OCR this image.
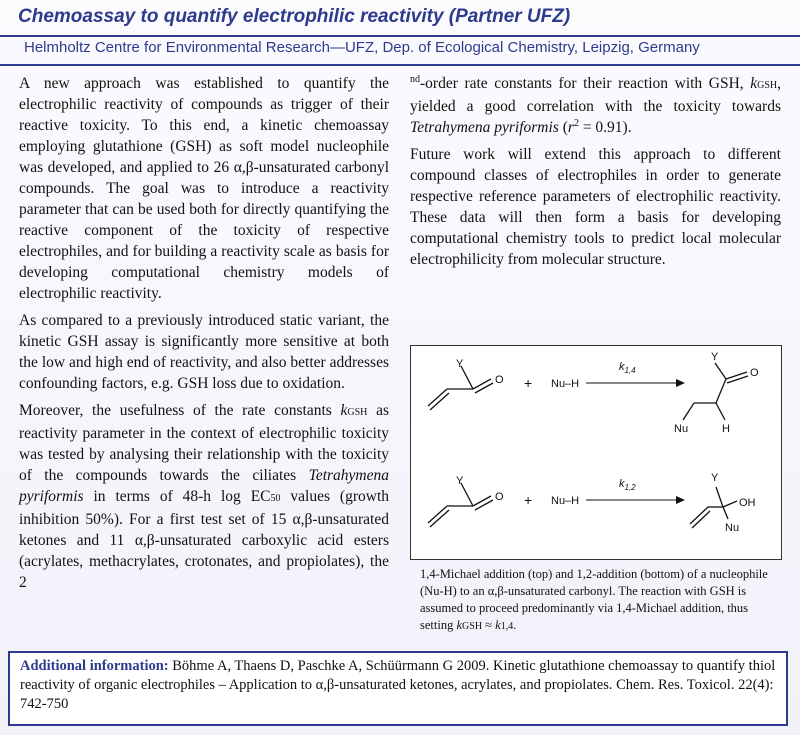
Chemoassay to quantify electrophilic reactivity (Partner UFZ)
Helmholtz Centre for Environmental Research—UFZ, Dep. of Ecological Chemistry, Leipzig, Germany

A new approach was established to quantify the electrophilic reactivity of compounds as trigger of their reactive toxicity. To this end, a kinetic chemoassay employing glutathione (GSH) as soft model nucleophile was developed, and applied to 26 α,β-unsaturated carbonyl compounds. The goal was to introduce a reactivity parameter that can be used both for directly quantifying the reactive component of the toxicity of respective electrophiles, and for building a reactivity scale as basis for developing computational chemistry models of electrophilic reactivity.

As compared to a previously introduced static variant, the kinetic GSH assay is significantly more sensitive at both the low and high end of reactivity, and also better addresses confounding factors, e.g. GSH loss due to oxidation.

Moreover, the usefulness of the rate constants kGSH as reactivity parameter in the context of electrophilic toxicity was tested by analysing their relationship with the toxicity of the compounds towards the ciliates Tetrahymena pyriformis in terms of 48-h log EC50 values (growth inhibition 50%). For a first test set of 15 α,β-unsaturated ketones and 11 α,β-unsaturated carboxylic acid esters (acrylates, methacrylates, crotonates, and propiolates), the 2

$^{nd}$-order rate constants for their reaction with GSH, kGSH, yielded a good correlation with the toxicity towards Tetrahymena pyriformis $(r^2 = 0.91)$.

Future work will extend this approach to different compound classes of electrophiles in order to generate respective reference parameters of electrophilic reactivity. These data will then form a basis for developing computational chemistry tools to predict local molecular electrophilicity from molecular structure.

Y
O + Nu–H
$k_{1,4}$
Y
O
Nu	H
Y
O + Nu–H
$k_{1,2}$
Y
OH
Nu
1,4-Michael addition (top) and 1,2-addition (bottom) of a nucleophile (Nu-H) to an α,β-unsaturated carbonyl. The reaction with GSH is assumed to proceed predominantly via 1,4-Michael addition, thus setting kGSH ≈ k1,4.
Additional information: Böhme A, Thaens D, Paschke A, Schüürmann G 2009. Kinetic glutathione chemoassay to quantify thiol reactivity of organic electrophiles – Application to α,β-unsaturated ketones, acrylates, and propiolates. Chem. Res. Toxicol. 22(4): 742-750
